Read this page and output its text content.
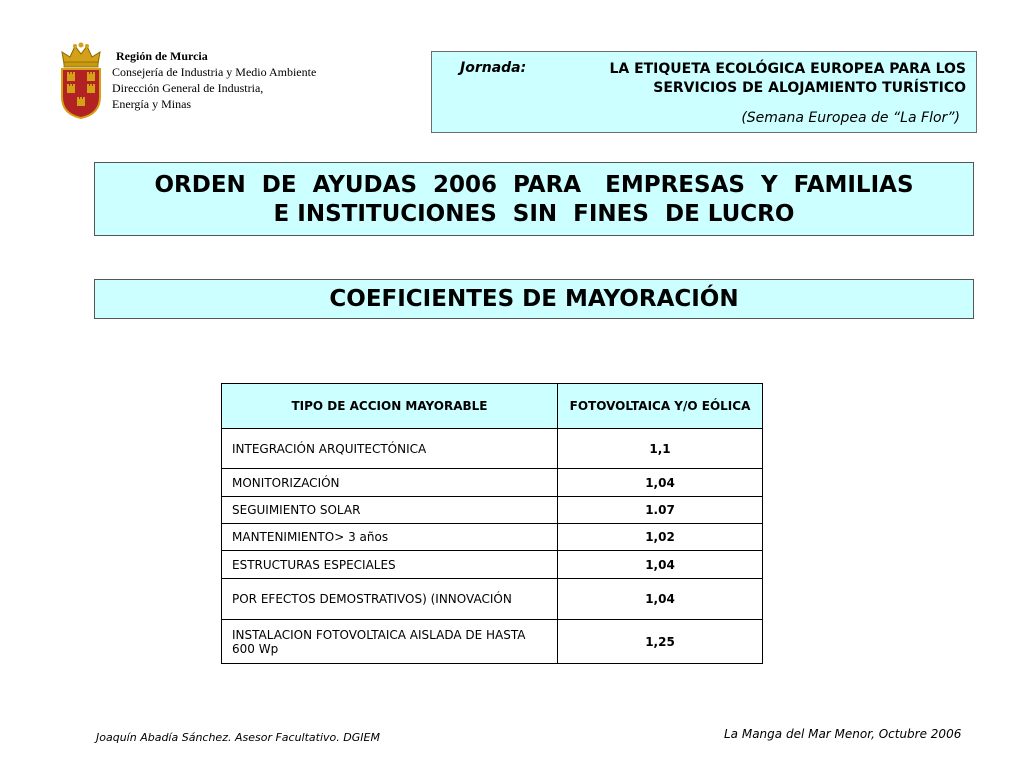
Región de Murcia
Consejería de Industria y Medio Ambiente
Dirección General de Industria,
Energía y Minas
Jornada:	LA ETIQUETA ECOLÓGICA EUROPEA PARA LOS
SERVICIOS DE ALOJAMIENTO TURÍSTICO
(Semana Europea de “La Flor”)
ORDEN  DE  AYUDAS  2006  PARA   EMPRESAS  Y  FAMILIAS
E INSTITUCIONES  SIN  FINES  DE LUCRO
COEFICIENTES DE MAYORACIÓN
TIPO DE ACCION MAYORABLE	FOTOVOLTAICA Y/O EÓLICA
INTEGRACIÓN ARQUITECTÓNICA	1,1
MONITORIZACIÓN	1,04
SEGUIMIENTO SOLAR	1.07
MANTENIMIENTO> 3 años	1,02
ESTRUCTURAS ESPECIALES	1,04
POR EFECTOS DEMOSTRATIVOS) (INNOVACIÓN	1,04
INSTALACION FOTOVOLTAICA AISLADA DE HASTA 600 Wp	1,25
Joaquín Abadía Sánchez. Asesor Facultativo. DGIEM	La Manga del Mar Menor, Octubre 2006
